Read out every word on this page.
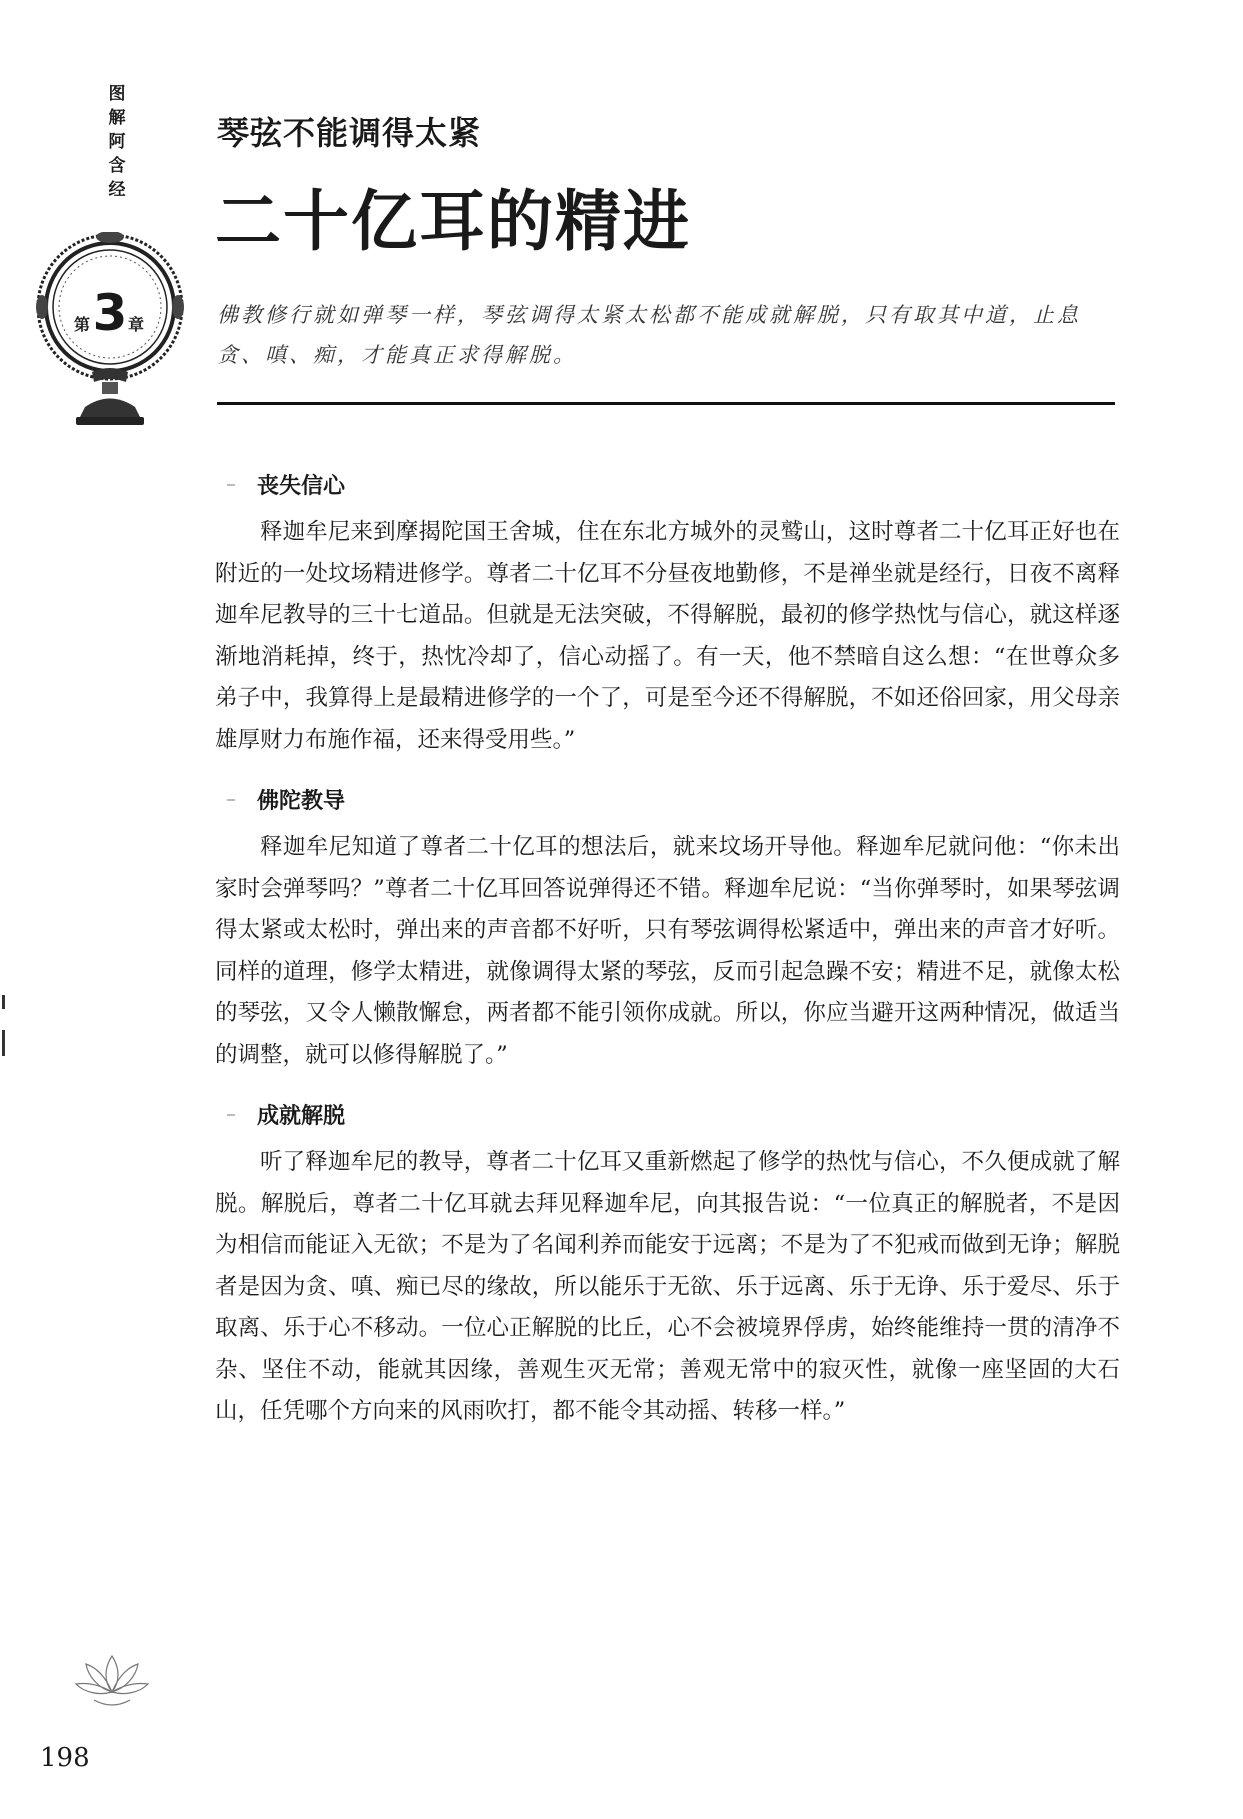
图
解
阿
含
经
第 3 章
琴弦不能调得太紧
二十亿耳的精进
佛教修行就如弹琴一样，琴弦调得太紧太松都不能成就解脱，只有取其中道，止息贪、嗔、痴，才能真正求得解脱。
丧失信心

释迦牟尼来到摩揭陀国王舍城，住在东北方城外的灵鹫山，这时尊者二十亿耳正好也在附近的一处坟场精进修学。尊者二十亿耳不分昼夜地勤修，不是禅坐就是经行，日夜不离释迦牟尼教导的三十七道品。但就是无法突破，不得解脱，最初的修学热忱与信心，就这样逐渐地消耗掉，终于，热忱冷却了，信心动摇了。有一天，他不禁暗自这么想：“在世尊众多弟子中，我算得上是最精进修学的一个了，可是至今还不得解脱，不如还俗回家，用父母亲雄厚财力布施作福，还来得受用些。”

佛陀教导

释迦牟尼知道了尊者二十亿耳的想法后，就来坟场开导他。释迦牟尼就问他：“你未出家时会弹琴吗？”尊者二十亿耳回答说弹得还不错。释迦牟尼说：“当你弹琴时，如果琴弦调得太紧或太松时，弹出来的声音都不好听，只有琴弦调得松紧适中，弹出来的声音才好听。同样的道理，修学太精进，就像调得太紧的琴弦，反而引起急躁不安；精进不足，就像太松的琴弦，又令人懒散懈怠，两者都不能引领你成就。所以，你应当避开这两种情况，做适当的调整，就可以修得解脱了。”

成就解脱

听了释迦牟尼的教导，尊者二十亿耳又重新燃起了修学的热忱与信心，不久便成就了解脱。解脱后，尊者二十亿耳就去拜见释迦牟尼，向其报告说：“一位真正的解脱者，不是因为相信而能证入无欲；不是为了名闻利养而能安于远离；不是为了不犯戒而做到无诤；解脱者是因为贪、嗔、痴已尽的缘故，所以能乐于无欲、乐于远离、乐于无诤、乐于爱尽、乐于取离、乐于心不移动。一位心正解脱的比丘，心不会被境界俘虏，始终能维持一贯的清净不杂、坚住不动，能就其因缘，善观生灭无常；善观无常中的寂灭性，就像一座坚固的大石山，任凭哪个方向来的风雨吹打，都不能令其动摇、转移一样。”

198
